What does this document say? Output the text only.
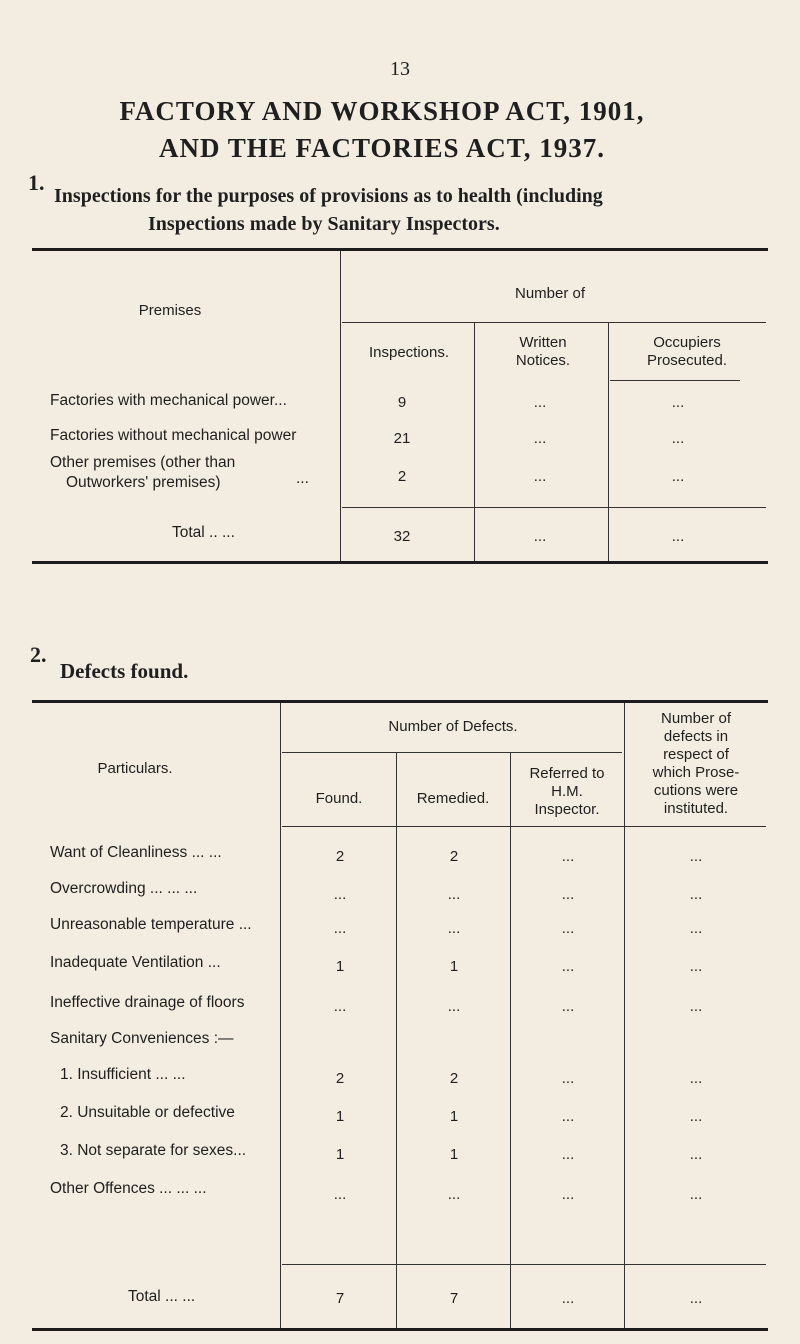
13
FACTORY AND WORKSHOP ACT, 1901,
AND THE FACTORIES ACT, 1937.
1.
Inspections for the purposes of provisions as to health (including
Inspections made by Sanitary Inspectors.
Premises
Number of
Inspections.
Written
Notices.
Occupiers
Prosecuted.
Factories with mechanical power...	9	...	...
Factories without mechanical power	21	...	...
Other premises (other than
Outworkers' premises)	...	2	...	...
Total .. ...	32	...	...
2.
Defects found.
Particulars.
Number of Defects.
Found.	Remedied.
Referred to
H.M.
Inspector.
Number of
defects in
respect of
which Prose-
cutions were
instituted.
Want of Cleanliness ... ...	2	2	...	...
Overcrowding ... ... ...	...	...	...	...
Unreasonable temperature ...	...	...	...	...
Inadequate Ventilation ...	1	1	...	...
Ineffective drainage of floors	...	...	...	...
Sanitary Conveniences :—
1. Insufficient ... ...	2	2	...	...
2. Unsuitable or defective	1	1	...	...
3. Not separate for sexes...	1	1	...	...
Other Offences ... ... ...	...	...	...	...
Total ... ...	7	7	...	...
